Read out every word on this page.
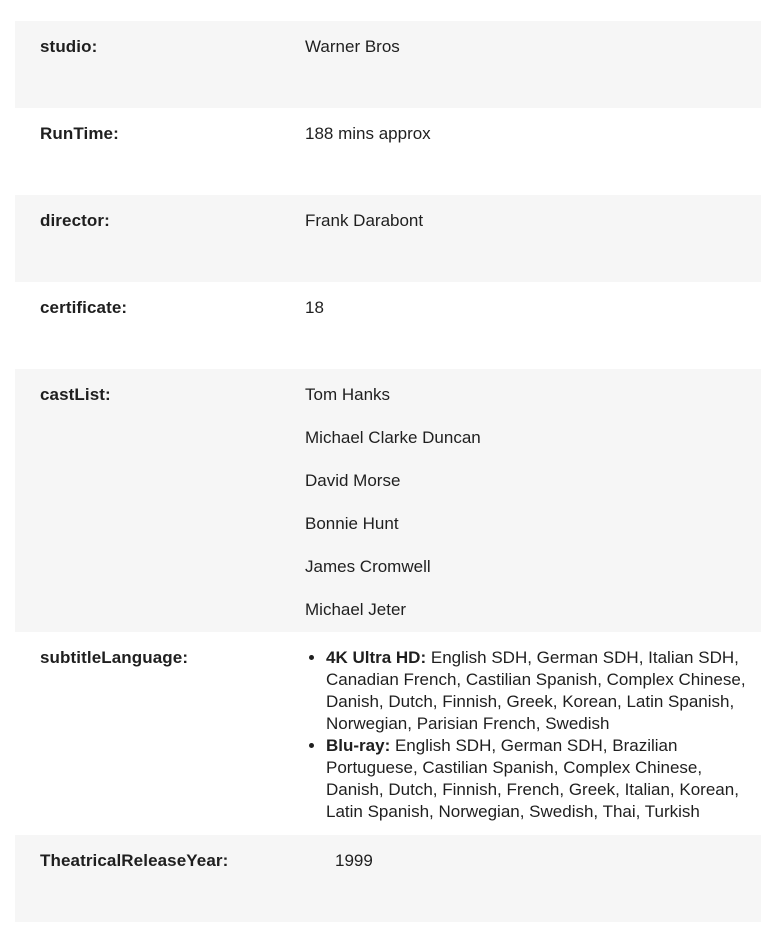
studio:	Warner Bros
RunTime:	188 mins approx
director:	Frank Darabont
certificate:	18
castList:	Tom Hanks

Michael Clarke Duncan

David Morse

Bonnie Hunt

James Cromwell

Michael Jeter

subtitleLanguage:	• 4K Ultra HD: English SDH, German SDH, Italian SDH, Canadian French, Castilian Spanish, Complex Chinese, Danish, Dutch, Finnish, Greek, Korean, Latin Spanish, Norwegian, Parisian French, Swedish
• Blu-ray: English SDH, German SDH, Brazilian Portuguese, Castilian Spanish, Complex Chinese, Danish, Dutch, Finnish, French, Greek, Italian, Korean, Latin Spanish, Norwegian, Swedish, Thai, Turkish
TheatricalReleaseYear:	1999
